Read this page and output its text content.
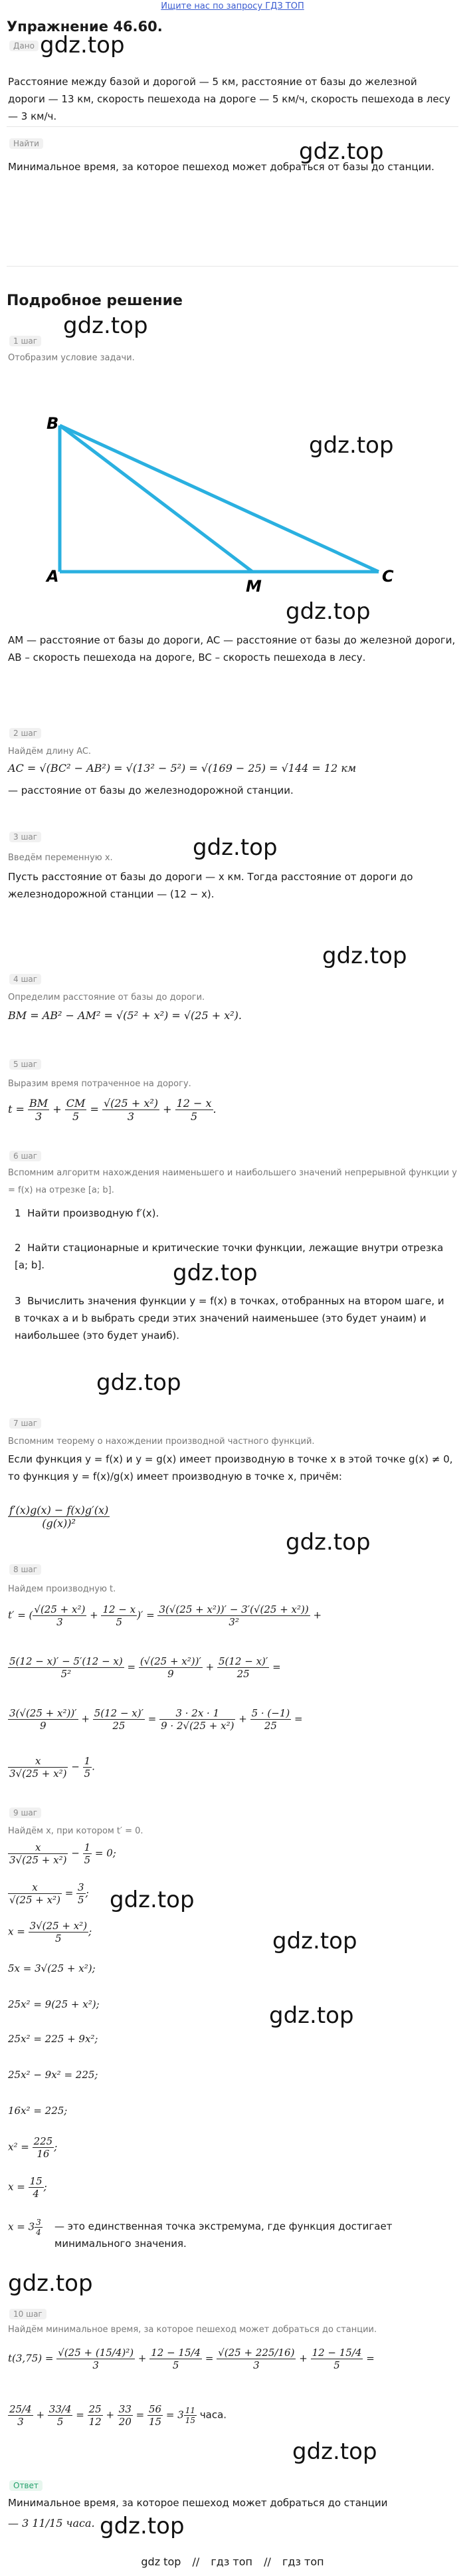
Ищите нас по запросу ГДЗ ТОП
Упражнение 46.60.
Дано gdz.top
Расстояние между базой и дорогой — 5 км, расстояние от базы до железной дороги — 13 км, скорость пешехода на дороге — 5 км/ч, скорость пешехода в лесу — 3 км/ч.
Найти	gdz.top
Минимальное время, за которое пешеход может добраться от базы до станции.
Подробное решение
gdz.top
1 шаг
Отобразим условие задачи.
B
A
M
C
gdz.top
gdz.top
AM — расстояние от базы до дороги, AC — расстояние от базы до железной дороги, AB – скорость пешехода на дороге, BC – скорость пешехода в лесу.
2 шаг
Найдём длину AC.
AC = √(BC² − AB²) = √(13² − 5²) = √(169 − 25) = √144 = 12 км
— расстояние от базы до железнодорожной станции.
3 шаг	gdz.top
Введём переменную x.
Пусть расстояние от базы до дороги — x км. Тогда расстояние от дороги до железнодорожной станции — (12 − x).
gdz.top
4 шаг
Определим расстояние от базы до дороги.
BM = AB² − AM² = √(5² + x²) = √(25 + x²).
5 шаг
Выразим время потраченное на дорогу.
$t = \frac{BM}{3} + \frac{CM}{5} = \frac{\text{√(25 + x²)}}{3} + \frac{12 - x}{5}$ .
6 шаг
Вспомним алгоритм нахождения наименьшего и наибольшего значений непрерывной функции y = f(x) на отрезке [a; b].
1  Найти производную f′(x).
2  Найти стационарные и критические точки функции, лежащие внутри отрезка [a; b].	gdz.top
3  Вычислить значения функции y = f(x) в точках, отобранных на втором шаге, и в точках a и b выбрать среди этих значений наименьшее (это будет yнаим) и наибольшее (это будет yнаиб).
gdz.top
7 шаг
Вспомним теорему о нахождении производной частного функций.
Если функция y = f(x) и y = g(x) имеет производную в точке x в этой точке g(x) ≠ 0, то функция y = f(x)/g(x) имеет производную в точке x, причём:
$\frac{f'(x)g(x) - f(x)g'(x)}{\text{(g(x))²}}$
gdz.top
8 шаг
Найдем производную t.
t′ = ( $\frac{\text{√(25 + x²)}}{3} + \frac{12 - x}{5}$ )′ = $\frac{\text{3(√(25 + x²))′ − 3′(√(25 + x²))}}{\text{3²}}$ +
$\frac{5(12 - x)' - 5'(12 - x)}{\text{5²}} = \frac{\text{(√(25 + x²))′}}{9} + \frac{5(12 - x)'}{25}$ =
$\frac{\text{3(√(25 + x²))′}}{9} + \frac{5(12 - x)'}{25} = \frac{3 \cdot 2x \cdot 1}{\text{9 · 2√(25 + x²)}} + \frac{5 \cdot (-1)}{25}$ =
$\frac{x}{\text{3√(25 + x²)}} - \frac{1}{5}$ .
9 шаг
Найдём x, при котором t′ = 0.
$\frac{x}{\text{3√(25 + x²)}} - \frac{1}{5} = 0$;
$\frac{x}{\text{√(25 + x²)}} = \frac{3}{5}$ ; gdz.top
$x = \frac{\text{3√(25 + x²)}}{5}$ ;	gdz.top
5x = 3√(25 + x²);
25x² = 9(25 + x²);	gdz.top
25x² = 225 + 9x²;
25x² − 9x² = 225;
16x² = 225;
$x^2 = \frac{225}{16}$ ;
$x = \frac{15}{4}$ ;
$x = 3 \frac{3}{4}$ — это единственная точка экстремума, где функция достигает минимального значения.
gdz.top
10 шаг
Найдём минимальное время, за которое пешеход может добраться до станции.
$t(3,75) = \frac{\text{√(25 + (15/4)²)}}{3} + \frac{12 - 15/4}{5} = \frac{√(25 + 225/16)}{3} + \frac{12 - 15/4}{5}$ =
$\frac{25/4}{3} + \frac{33/4}{5} = \frac{25}{12} + \frac{33}{20} = \frac{56}{15} = 3 \frac{11}{15}$ часа.
gdz.top
Ответ
Минимальное время, за которое пешеход может добраться до станции
— 3 11/15 часа. gdz.top
gdz top // гдз топ // гдз топ
